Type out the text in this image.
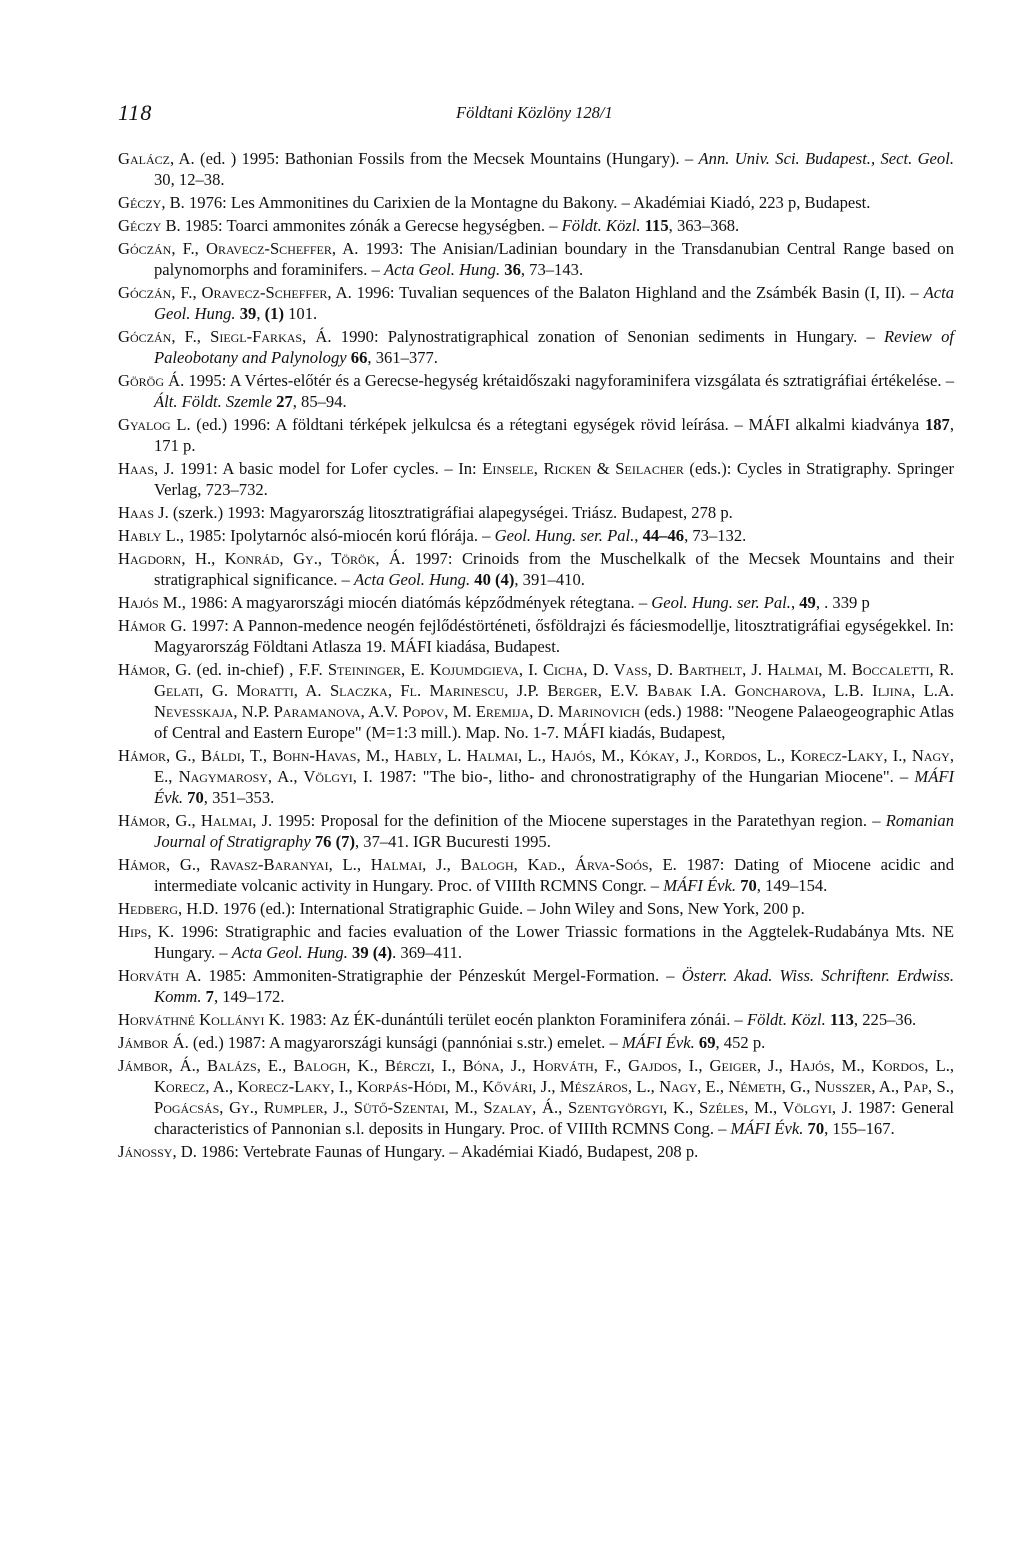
118	Földtani Közlöny 128/1

Galácz, A. (ed. ) 1995: Bathonian Fossils from the Mecsek Mountains (Hungary). – Ann. Univ. Sci. Budapest., Sect. Geol. 30, 12–38.

Géczy, B. 1976: Les Ammonitines du Carixien de la Montagne du Bakony. – Akadémiai Kiadó, 223 p, Budapest.

Géczy B. 1985: Toarci ammonites zónák a Gerecse hegységben. – Földt. Közl. 115, 363–368.

Góczán, F., Oravecz-Scheffer, A. 1993: The Anisian/Ladinian boundary in the Transdanubian Central Range based on palynomorphs and foraminifers. – Acta Geol. Hung. 36, 73–143.

Góczán, F., Oravecz-Scheffer, A. 1996: Tuvalian sequences of the Balaton Highland and the Zsámbék Basin (I, II). – Acta Geol. Hung. 39, (1) 101.

Góczán, F., Siegl-Farkas, Á. 1990: Palynostratigraphical zonation of Senonian sediments in Hungary. – Review of Paleobotany and Palynology 66, 361–377.

Görög Á. 1995: A Vértes-előtér és a Gerecse-hegység krétaidőszaki nagyforaminifera vizsgálata és sztratigráfiai értékelése. – Ált. Földt. Szemle 27, 85–94.

Gyalog L. (ed.) 1996: A földtani térképek jelkulcsa és a rétegtani egységek rövid leírása. – MÁFI alkalmi kiadványa 187, 171 p.

Haas, J. 1991: A basic model for Lofer cycles. – In: Einsele, Ricken & Seilacher (eds.): Cycles in Stratigraphy. Springer Verlag, 723–732.

Haas J. (szerk.) 1993: Magyarország litosztratigráfiai alapegységei. Triász. Budapest, 278 p.

Hably L., 1985: Ipolytarnóc alsó-miocén korú flórája. – Geol. Hung. ser. Pal., 44–46, 73–132.

Hagdorn, H., Konrád, Gy., Török, Á. 1997: Crinoids from the Muschelkalk of the Mecsek Mountains and their stratigraphical significance. – Acta Geol. Hung. 40 (4), 391–410.

Hajós M., 1986: A magyarországi miocén diatómás képződmények rétegtana. – Geol. Hung. ser. Pal., 49, . 339 p

Hámor G. 1997: A Pannon-medence neogén fejlődéstörténeti, ősföldrajzi és fáciesmodellje, litosztratigráfiai egységekkel. In: Magyarország Földtani Atlasza 19. MÁFI kiadása, Budapest.

Hámor, G. (ed. in-chief) , F.F. Steininger, E. Kojumdgieva, I. Cicha, D. Vass, D. Barthelt, J. Halmai, M. Boccaletti, R. Gelati, G. Moratti, A. Slaczka, Fl. Marinescu, J.P. Berger, E.V. Babak I.A. Goncharova, L.B. Iljina, L.A. Nevesskaja, N.P. Paramanova, A.V. Popov, M. Eremija, D. Marinovich (eds.) 1988: "Neogene Palaeogeographic Atlas of Central and Eastern Europe" (M=1:3 mill.). Map. No. 1-7. MÁFI kiadás, Budapest,

Hámor, G., Báldi, T., Bohn-Havas, M., Hably, L. Halmai, L., Hajós, M., Kókay, J., Kordos, L., Korecz-Laky, I., Nagy, E., Nagymarosy, A., Völgyi, I. 1987: "The bio-, litho- and chronostratigraphy of the Hungarian Miocene". – MÁFI Évk. 70, 351–353.

Hámor, G., Halmai, J. 1995: Proposal for the definition of the Miocene superstages in the Paratethyan region. – Romanian Journal of Stratigraphy 76 (7), 37–41. IGR Bucuresti 1995.

Hámor, G., Ravasz-Baranyai, L., Halmai, J., Balogh, Kad., Árva-Soós, E. 1987: Dating of Miocene acidic and intermediate volcanic activity in Hungary. Proc. of VIIIth RCMNS Congr. – MÁFI Évk. 70, 149–154.

Hedberg, H.D. 1976 (ed.): International Stratigraphic Guide. – John Wiley and Sons, New York, 200 p.

Hips, K. 1996: Stratigraphic and facies evaluation of the Lower Triassic formations in the Aggtelek-Rudabánya Mts. NE Hungary. – Acta Geol. Hung. 39 (4). 369–411.

Horváth A. 1985: Ammoniten-Stratigraphie der Pénzeskút Mergel-Formation. – Österr. Akad. Wiss. Schriftenr. Erdwiss. Komm. 7, 149–172.

Horváthné Kollányi K. 1983: Az ÉK-dunántúli terület eocén plankton Foraminifera zónái. – Földt. Közl. 113, 225–36.

Jámbor Á. (ed.) 1987: A magyarországi kunsági (pannóniai s.str.) emelet. – MÁFI Évk. 69, 452 p.

Jámbor, Á., Balázs, E., Balogh, K., Bérczi, I., Bóna, J., Horváth, F., Gajdos, I., Geiger, J., Hajós, M., Kordos, L., Korecz, A., Korecz-Laky, I., Korpás-Hódi, M., Kővári, J., Mészáros, L., Nagy, E., Németh, G., Nusszer, A., Pap, S., Pogácsás, Gy., Rumpler, J., Sütő-Szentai, M., Szalay, Á., Szentgyörgyi, K., Széles, M., Völgyi, J. 1987: General characteristics of Pannonian s.l. deposits in Hungary. Proc. of VIIIth RCMNS Cong. – MÁFI Évk. 70, 155–167.

Jánossy, D. 1986: Vertebrate Faunas of Hungary. – Akadémiai Kiadó, Budapest, 208 p.
